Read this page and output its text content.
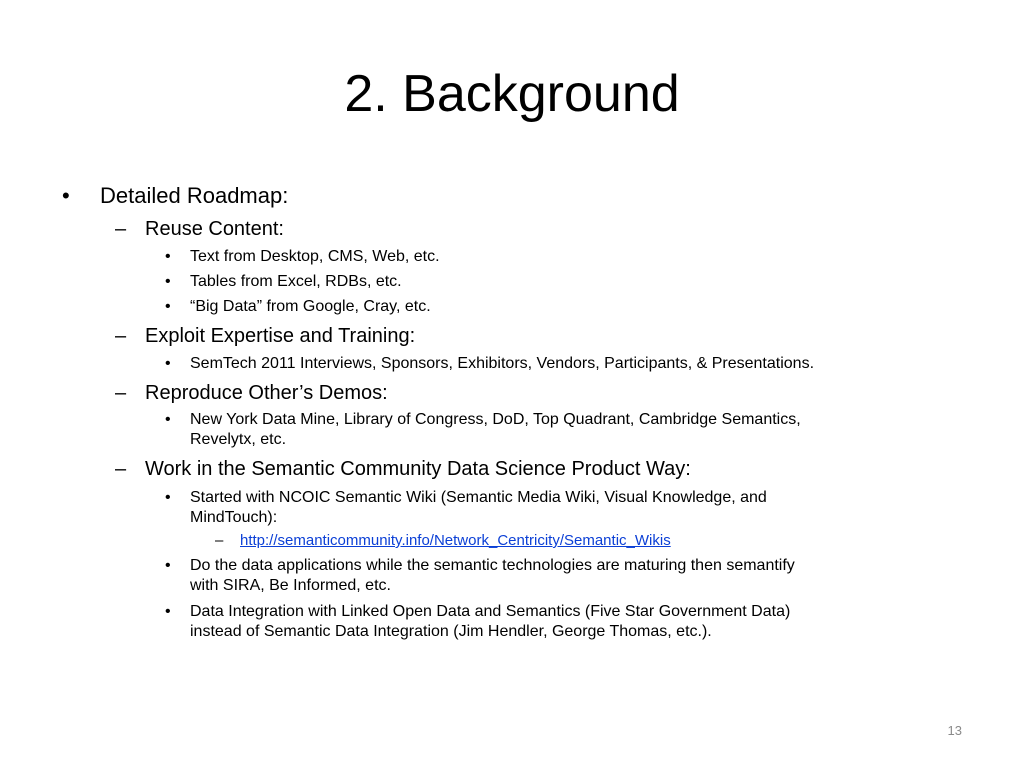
2. Background
• Detailed Roadmap:
– Reuse Content:
• Text from Desktop, CMS, Web, etc.
• Tables from Excel, RDBs, etc.
• “Big Data” from Google, Cray, etc.
– Exploit Expertise and Training:
• SemTech 2011 Interviews, Sponsors, Exhibitors, Vendors, Participants, & Presentations.
– Reproduce Other’s Demos:
• New York Data Mine, Library of Congress, DoD, Top Quadrant, Cambridge Semantics,
Revelytx, etc.
– Work in the Semantic Community Data Science Product Way:
• Started with NCOIC Semantic Wiki (Semantic Media Wiki, Visual Knowledge, and
MindTouch):
– http://semanticommunity.info/Network_Centricity/Semantic_Wikis
• Do the data applications while the semantic technologies are maturing then semantify
with SIRA, Be Informed, etc.
• Data Integration with Linked Open Data and Semantics (Five Star Government Data)
instead of Semantic Data Integration (Jim Hendler, George Thomas, etc.).
13
